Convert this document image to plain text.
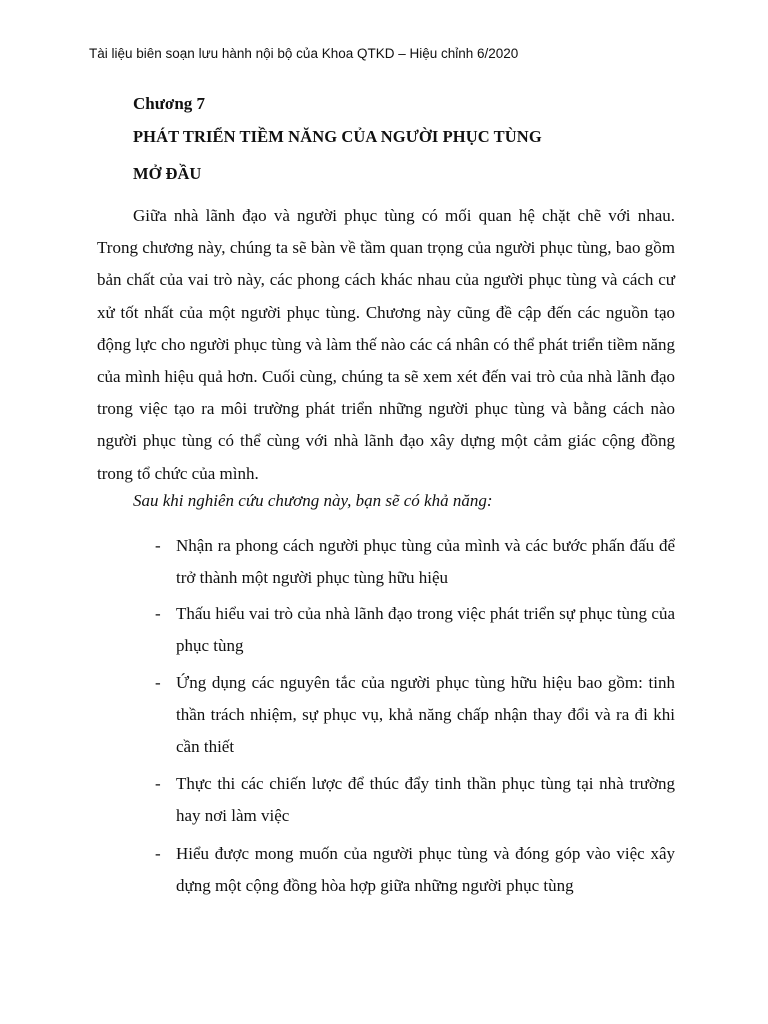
Tài liệu biên soạn lưu hành nội bộ của Khoa QTKD – Hiệu chỉnh 6/2020
Chương 7
PHÁT TRIỂN TIỀM NĂNG CỦA NGƯỜI PHỤC TÙNG
MỞ ĐẦU

Giữa nhà lãnh đạo và người phục tùng có mối quan hệ chặt chẽ với nhau. Trong chương này, chúng ta sẽ bàn về tầm quan trọng của người phục tùng, bao gồm bản chất của vai trò này, các phong cách khác nhau của người phục tùng và cách cư xử tốt nhất của một người phục tùng. Chương này cũng đề cập đến các nguồn tạo động lực cho người phục tùng và làm thế nào các cá nhân có thể phát triển tiềm năng của mình hiệu quả hơn. Cuối cùng, chúng ta sẽ xem xét đến vai trò của nhà lãnh đạo trong việc tạo ra môi trường phát triển những người phục tùng và bằng cách nào người phục tùng có thể cùng với nhà lãnh đạo xây dựng một cảm giác cộng đồng trong tổ chức của mình.

Sau khi nghiên cứu chương này, bạn sẽ có khả năng:
- Nhận ra phong cách người phục tùng của mình và các bước phấn đấu để trở thành một người phục tùng hữu hiệu
- Thấu hiểu vai trò của nhà lãnh đạo trong việc phát triển sự phục tùng của phục tùng
- Ứng dụng các nguyên tắc của người phục tùng hữu hiệu bao gồm: tinh thần trách nhiệm, sự phục vụ, khả năng chấp nhận thay đổi và ra đi khi cần thiết
- Thực thi các chiến lược để thúc đẩy tinh thần phục tùng tại nhà trường hay nơi làm việc
- Hiểu được mong muốn của người phục tùng và đóng góp vào việc xây dựng một cộng đồng hòa hợp giữa những người phục tùng
